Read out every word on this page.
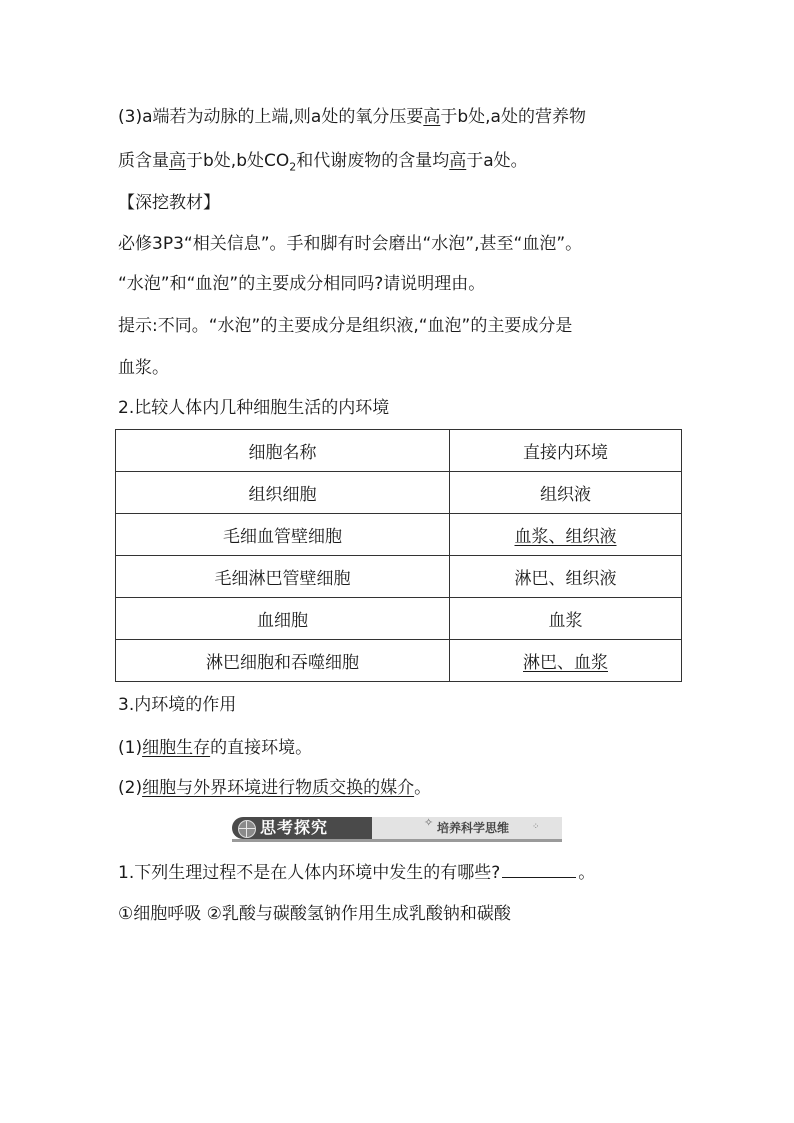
(3)a端若为动脉的上端,则a处的氧分压要高于b处,a处的营养物
质含量高于b处,b处$CO_2$和代谢废物的含量均高于a处。
【深挖教材】
必修3P3“相关信息”。手和脚有时会磨出“水泡”,甚至“血泡”。
“水泡”和“血泡”的主要成分相同吗?请说明理由。
提示:不同。“水泡”的主要成分是组织液,“血泡”的主要成分是
血浆。
2.比较人体内几种细胞生活的内环境
细胞名称	直接内环境
组织细胞	组织液
毛细血管壁细胞	血浆、组织液
毛细淋巴管壁细胞	淋巴、组织液
血细胞	血浆
淋巴细胞和吞噬细胞	淋巴、血浆
3.内环境的作用
(1)细胞生存的直接环境。
(2)细胞与外界环境进行物质交换的媒介。
思考探究	✧ 培养科学思维	⁘
1.下列生理过程不是在人体内环境中发生的有哪些?	。
①细胞呼吸 ②乳酸与碳酸氢钠作用生成乳酸钠和碳酸
